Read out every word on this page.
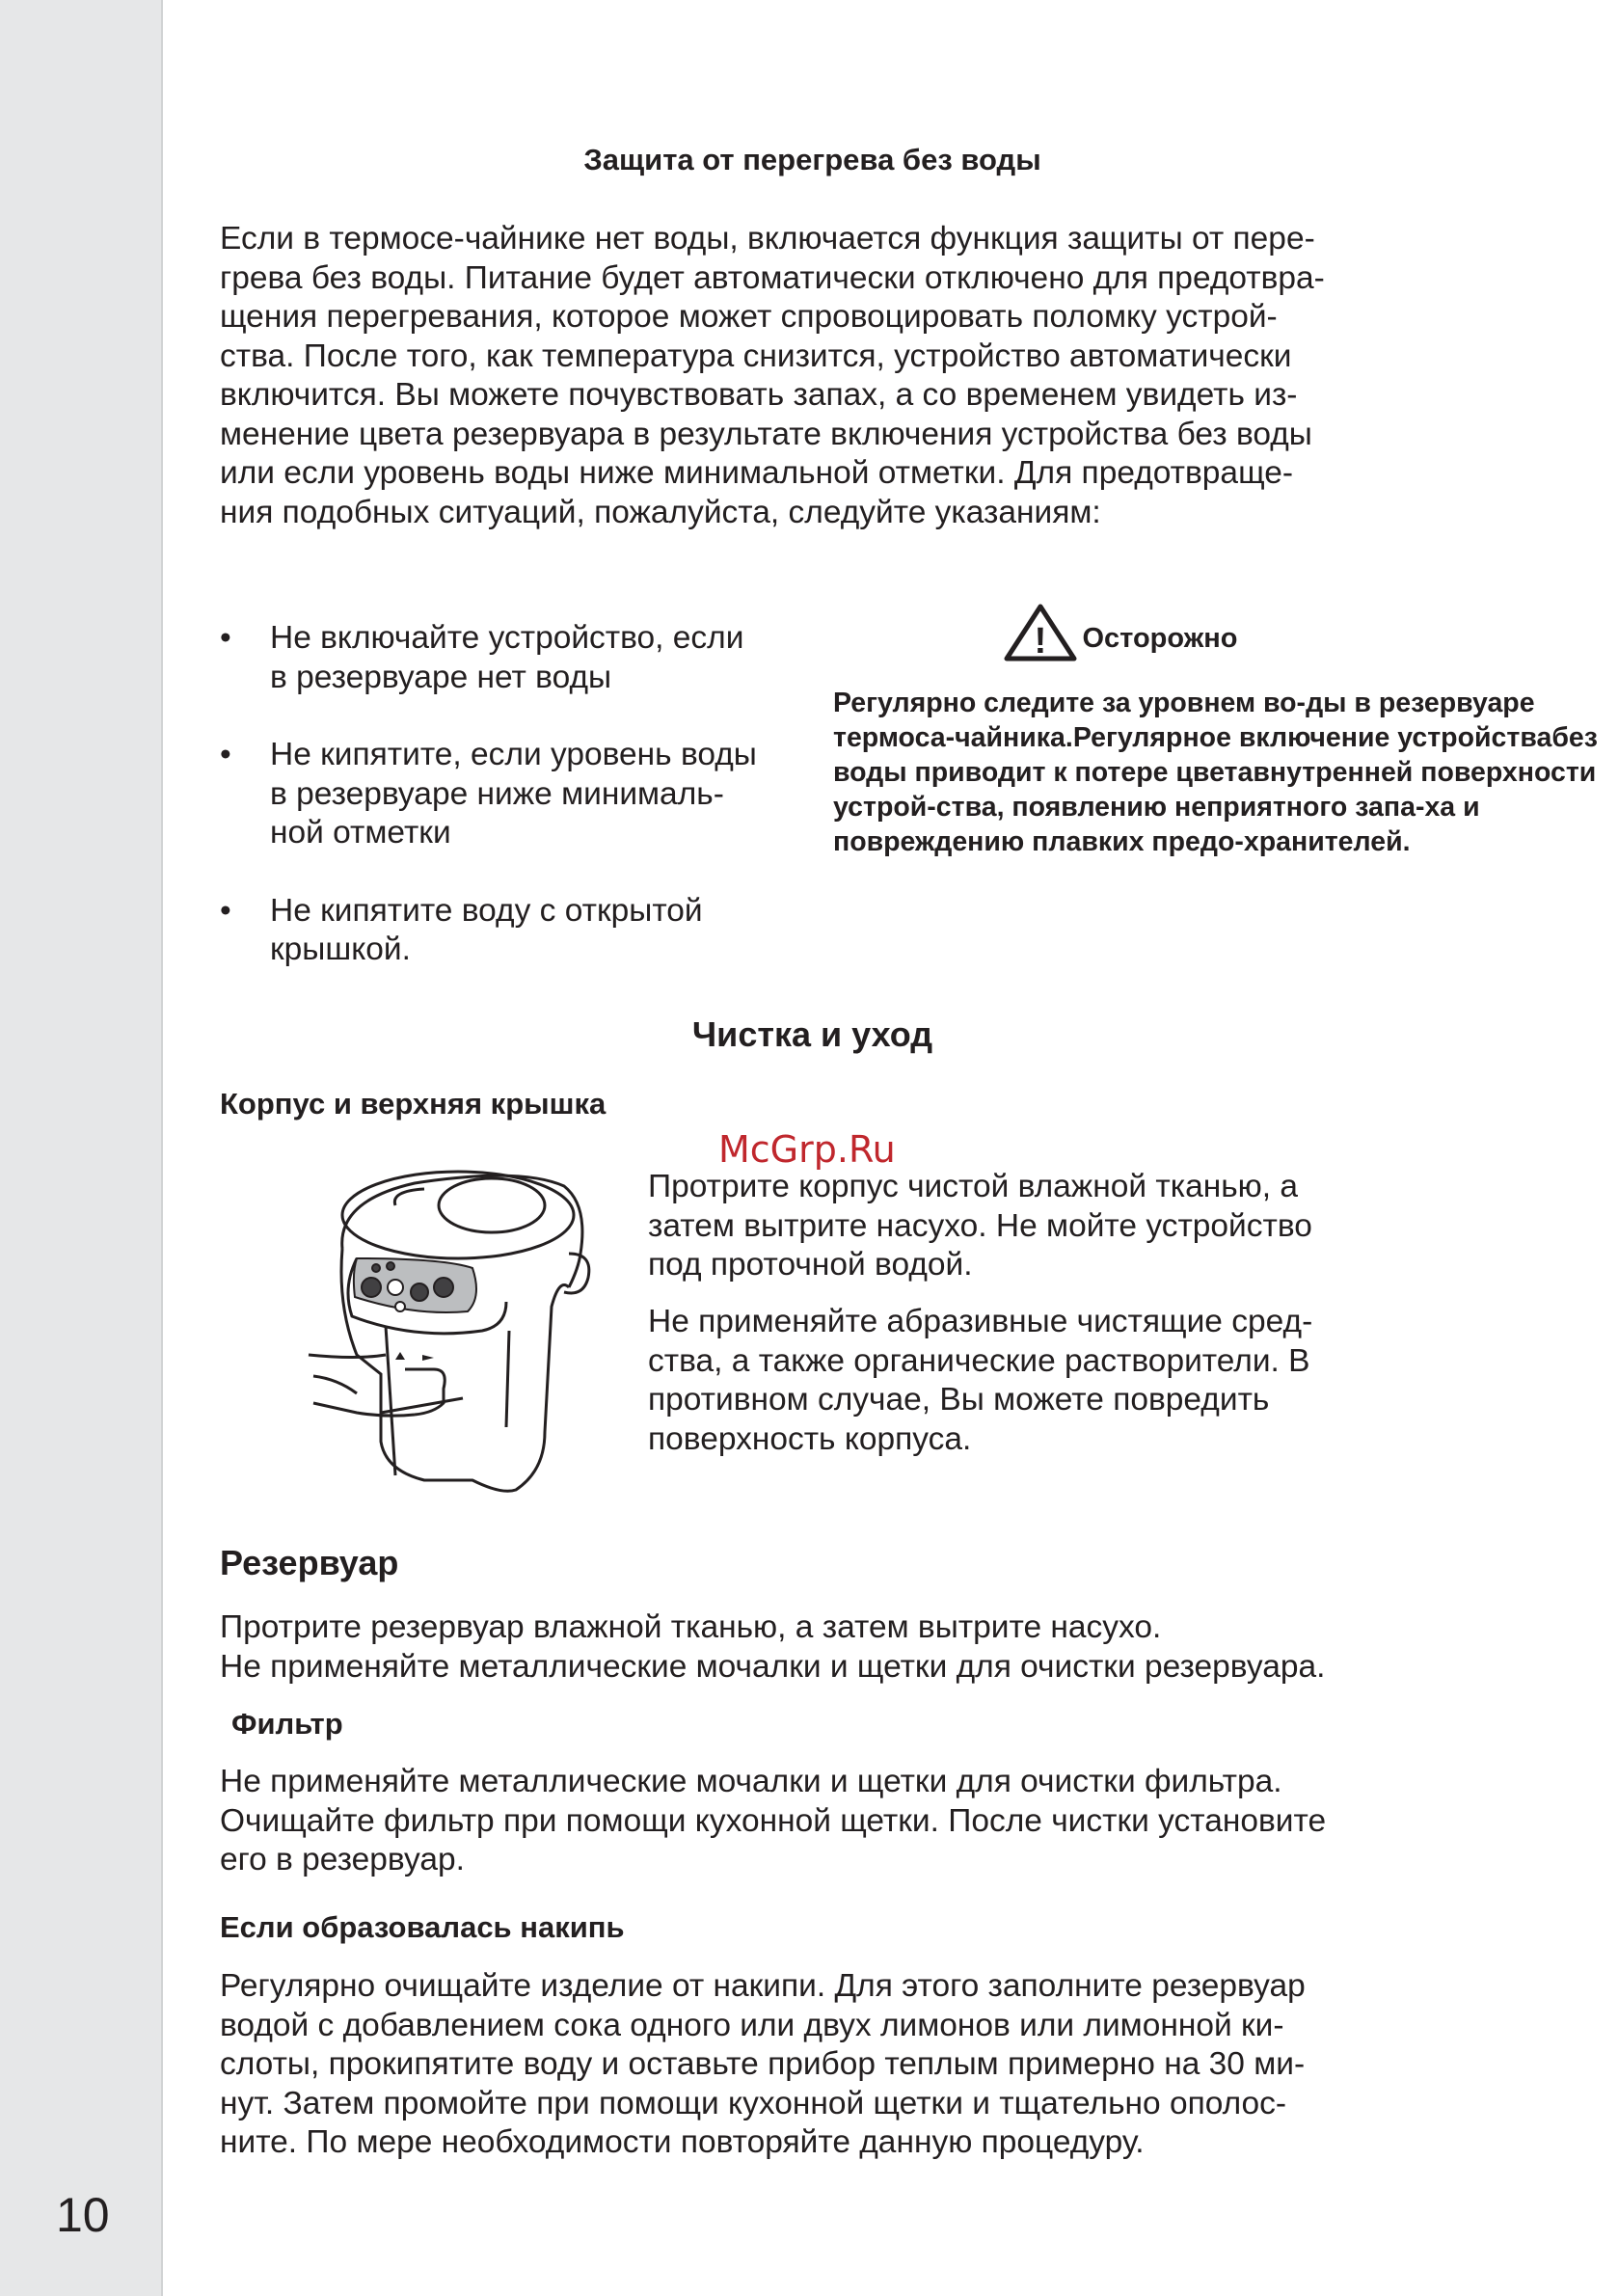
10
Защита от перегрева без воды

Если в термосе-чайнике нет воды, включается функция защиты от пере-
грева без воды. Питание будет автоматически отключено для предотвра-
щения перегревания, которое может спровоцировать поломку устрой-
ства. После того, как температура снизится, устройство автоматически
включится. Вы можете почувствовать запах, а со временем увидеть из-
менение цвета резервуара в результате включения устройства без воды
или если уровень воды ниже минимальной отметки. Для предотвраще-
ния подобных ситуаций, пожалуйста, следуйте указаниям:

• Не включайте устройство, если
в резервуаре нет воды
• Не кипятите, если уровень воды
в резервуаре ниже минималь-
ной отметки
• Не кипятите воду с открытой
крышкой.
! Осторожно
Регулярно следите за уровнем во-ды в резервуаре термоса-чайника.Регулярное включение устройствабез воды приводит к потере цветавнутренней поверхности устрой-ства, появлению неприятного запа-ха и повреждению плавких предо-хранителей.
Чистка и уход
Корпус и верхняя крышка
McGrp.Ru

Протрите корпус чистой влажной тканью, а
затем вытрите насухо. Не мойте устройство
под проточной водой.

Не применяйте абразивные чистящие сред-
ства, а также органические растворители. В
противном случае, Вы можете повредить
поверхность корпуса.

Резервуар

Протрите резервуар влажной тканью, а затем вытрите насухо.
Не применяйте металлические мочалки и щетки для очистки резервуара.

Фильтр

Не применяйте металлические мочалки и щетки для очистки фильтра.
Очищайте фильтр при помощи кухонной щетки. После чистки установите
его в резервуар.

Если образовалась накипь

Регулярно очищайте изделие от накипи. Для этого заполните резервуар
водой с добавлением сока одного или двух лимонов или лимонной ки-
слоты, прокипятите воду и оставьте прибор теплым примерно на 30 ми-
нут. Затем промойте при помощи кухонной щетки и тщательно ополос-
ните. По мере необходимости повторяйте данную процедуру.
